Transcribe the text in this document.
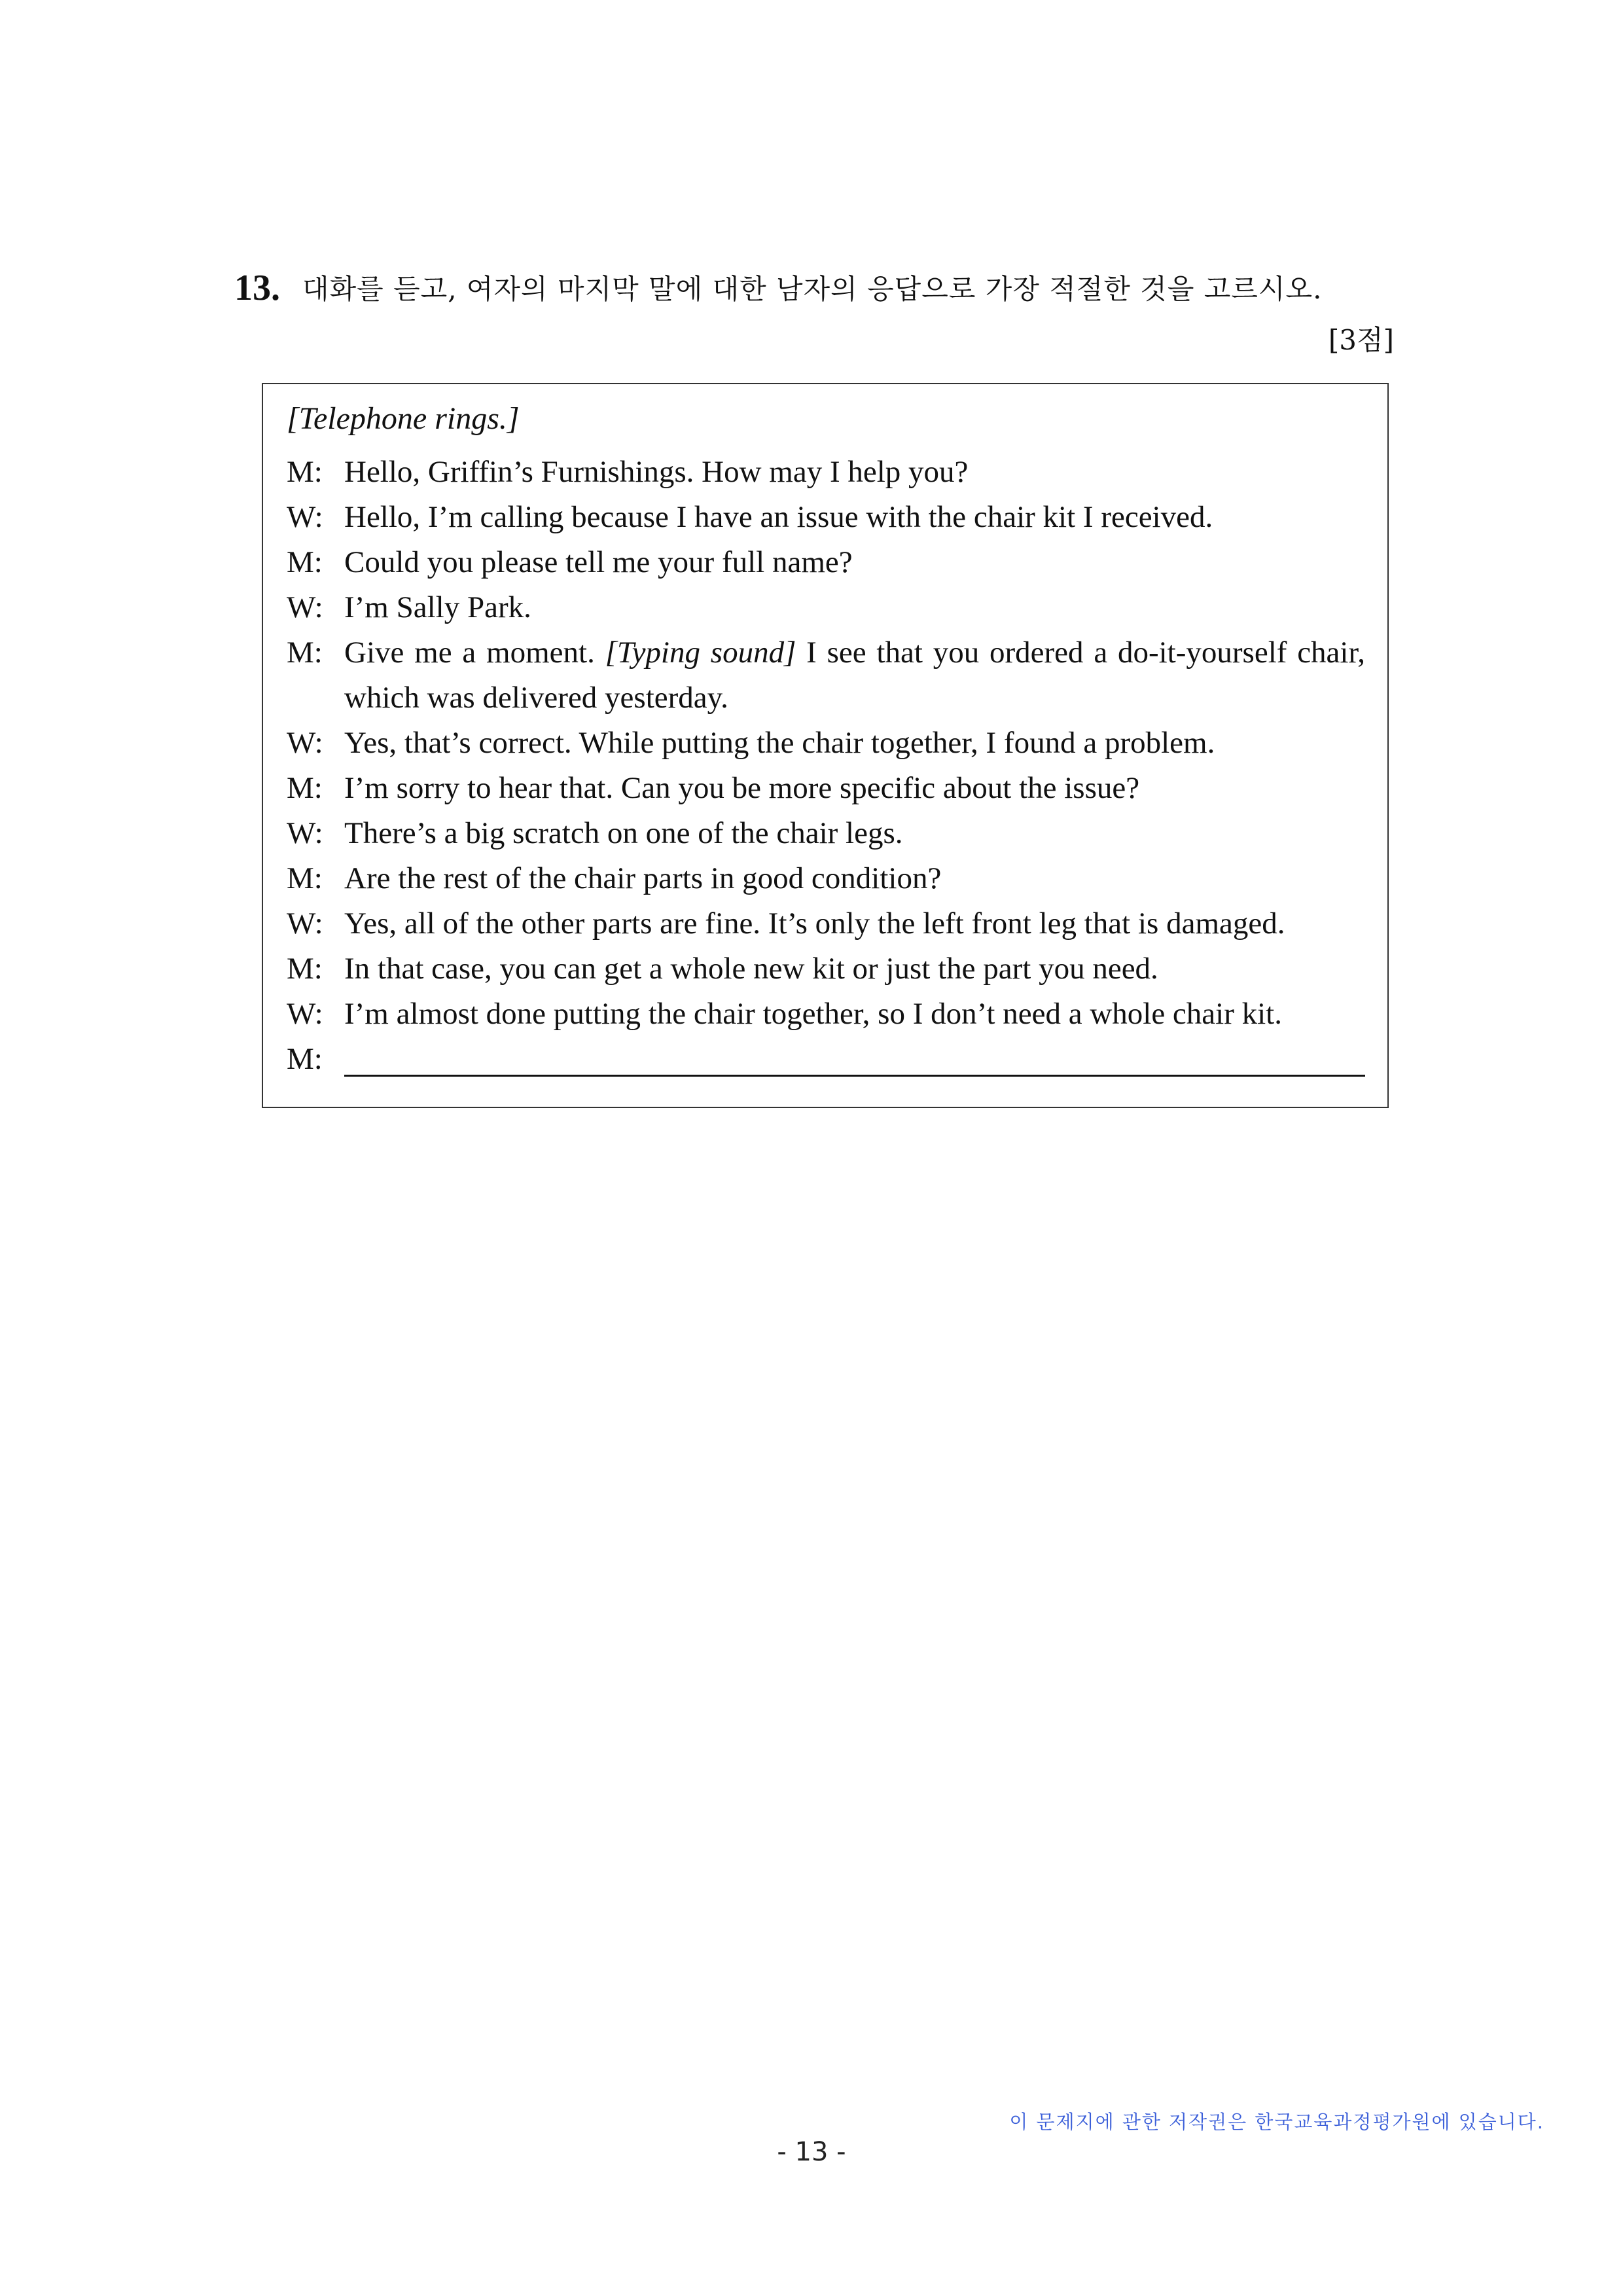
13. 대화를 듣고, 여자의 마지막 말에 대한 남자의 응답으로 가장 적절한 것을 고르시오.
[3점]
[Telephone rings.]
M: Hello, Griffin’s Furnishings. How may I help you?
W: Hello, I’m calling because I have an issue with the chair kit I received.
M: Could you please tell me your full name?
W: I’m Sally Park.
M: Give me a moment. [Typing sound] I see that you ordered a do-it-yourself chair, which was delivered yesterday.
W: Yes, that’s correct. While putting the chair together, I found a problem.
M: I’m sorry to hear that. Can you be more specific about the issue?
W: There’s a big scratch on one of the chair legs.
M: Are the rest of the chair parts in good condition?
W: Yes, all of the other parts are fine. It’s only the left front leg that is damaged.
M: In that case, you can get a whole new kit or just the part you need.
W: I’m almost done putting the chair together, so I don’t need a whole chair kit.
M:
이 문제지에 관한 저작권은 한국교육과정평가원에 있습니다.
- 13 -
